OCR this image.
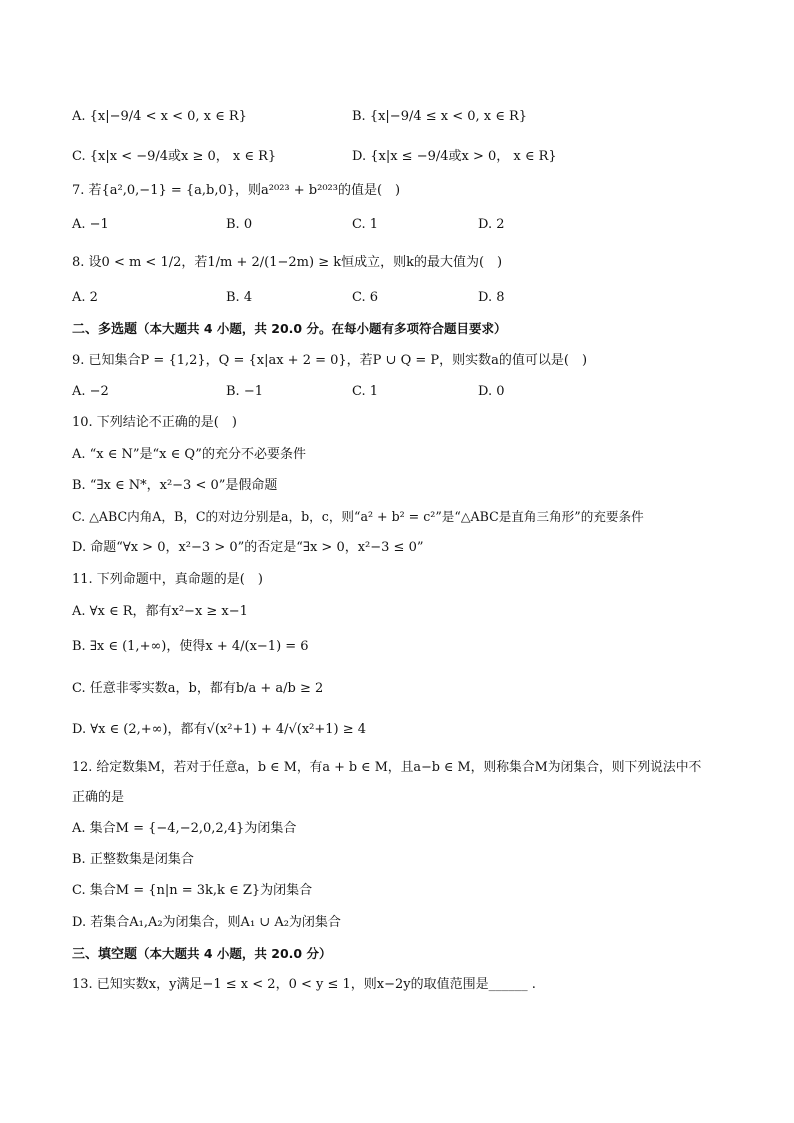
A. {x|−9/4 < x < 0, x ∈ R}	B. {x|−9/4 ≤ x < 0, x ∈ R}
C. {x|x < −9/4或x ≥ 0， x ∈ R}	D. {x|x ≤ −9/4或x > 0， x ∈ R}
7. 若{a²,0,−1} = {a,b,0}，则a²⁰²³ + b²⁰²³的值是(　)
A. −1	B. 0	C. 1	D. 2
8. 设0 < m < 1/2，若1/m + 2/(1−2m) ≥ k恒成立，则k的最大值为(　)
A. 2	B. 4	C. 6	D. 8
二、多选题（本大题共 4 小题，共 20.0 分。在每小题有多项符合题目要求）
9. 已知集合P = {1,2}，Q = {x|ax + 2 = 0}，若P ∪ Q = P，则实数a的值可以是(　)
A. −2	B. −1	C. 1	D. 0
10. 下列结论不正确的是(　)
A. “x ∈ N”是“x ∈ Q”的充分不必要条件
B. “∃x ∈ N*，x²−3 < 0”是假命题
C. △ABC内角A，B，C的对边分别是a，b，c，则“a² + b² = c²”是“△ABC是直角三角形”的充要条件
D. 命题“∀x > 0，x²−3 > 0”的否定是“∃x > 0，x²−3 ≤ 0”
11. 下列命题中，真命题的是(　)
A. ∀x ∈ R，都有x²−x ≥ x−1
B. ∃x ∈ (1,+∞)，使得x + 4/(x−1) = 6
C. 任意非零实数a，b，都有b/a + a/b ≥ 2
D. ∀x ∈ (2,+∞)，都有√(x²+1) + 4/√(x²+1) ≥ 4
12. 给定数集M，若对于任意a，b ∈ M，有a + b ∈ M，且a−b ∈ M，则称集合M为闭集合，则下列说法中不
正确的是
A. 集合M = {−4,−2,0,2,4}为闭集合
B. 正整数集是闭集合
C. 集合M = {n|n = 3k,k ∈ Z}为闭集合
D. 若集合A₁,A₂为闭集合，则A₁ ∪ A₂为闭集合
三、填空题（本大题共 4 小题，共 20.0 分）
13. 已知实数x，y满足−1 ≤ x < 2，0 < y ≤ 1，则x−2y的取值范围是______ .
